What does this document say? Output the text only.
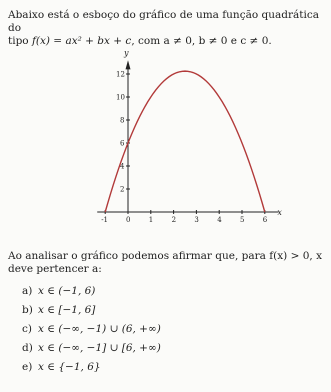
Abaixo está o esboço do gráfico de uma função quadrática do
tipo f(x) = ax² + bx + c, com a ≠ 0, b ≠ 0 e c ≠ 0.

x
y
-1	0	1	2	3	4	5	6
2
4
6
8
10
12

Ao analisar o gráfico podemos afirmar que, para f(x) > 0, x
deve pertencer a:

a) x ∈ (−1, 6)
b) x ∈ [−1, 6]
c) x ∈ (−∞, −1) ∪ (6, +∞)
d) x ∈ (−∞, −1] ∪ [6, +∞)
e) x ∈ {−1, 6}
